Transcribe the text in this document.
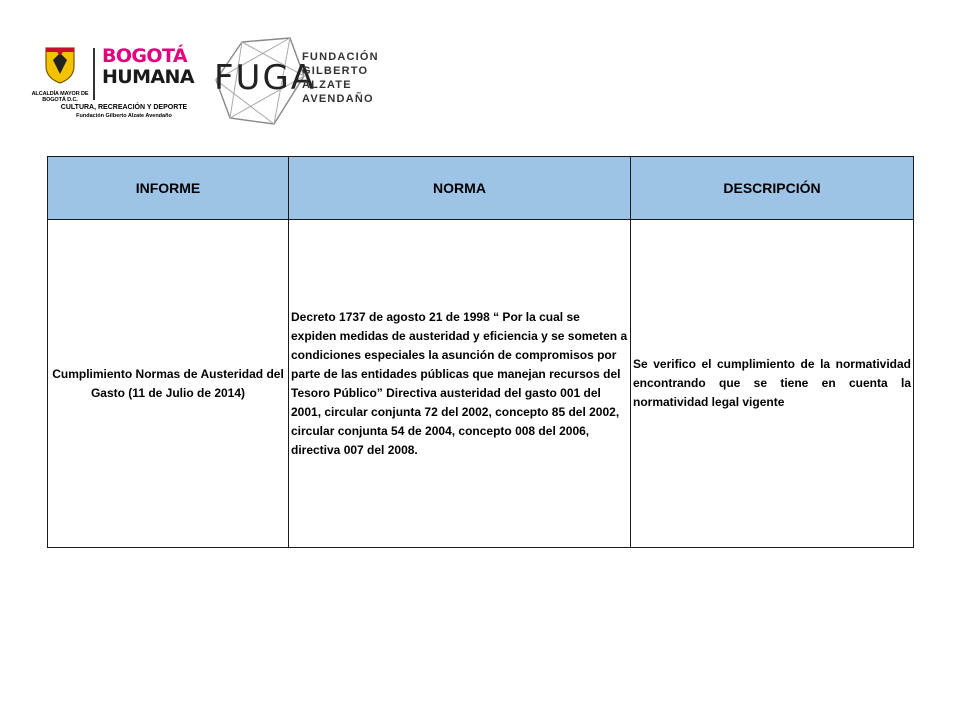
ALCALDÍA MAYOR DE BOGOTÁ D.C.
BOGOTÁ
HUMANA
CULTURA, RECREACIÓN Y DEPORTE
Fundación Gilberto Alzate Avendaño
FUGA
FUNDACIÓN
GILBERTO
ALZATE
AVENDAÑO
INFORME	NORMA	DESCRIPCIÓN
Cumplimiento Normas de Austeridad del Gasto (11 de Julio de 2014)	Decreto 1737 de agosto 21 de 1998 “ Por la cual se expiden medidas de austeridad y eficiencia y se someten a condiciones especiales la asunción de compromisos por parte de las entidades públicas que manejan recursos del Tesoro Público” Directiva austeridad del gasto 001 del 2001, circular conjunta 72 del 2002, concepto 85 del 2002, circular conjunta 54 de 2004, concepto 008 del 2006, directiva 007 del 2008.	Se verifico el cumplimiento de la normatividad encontrando que se tiene en cuenta la normatividad legal vigente
